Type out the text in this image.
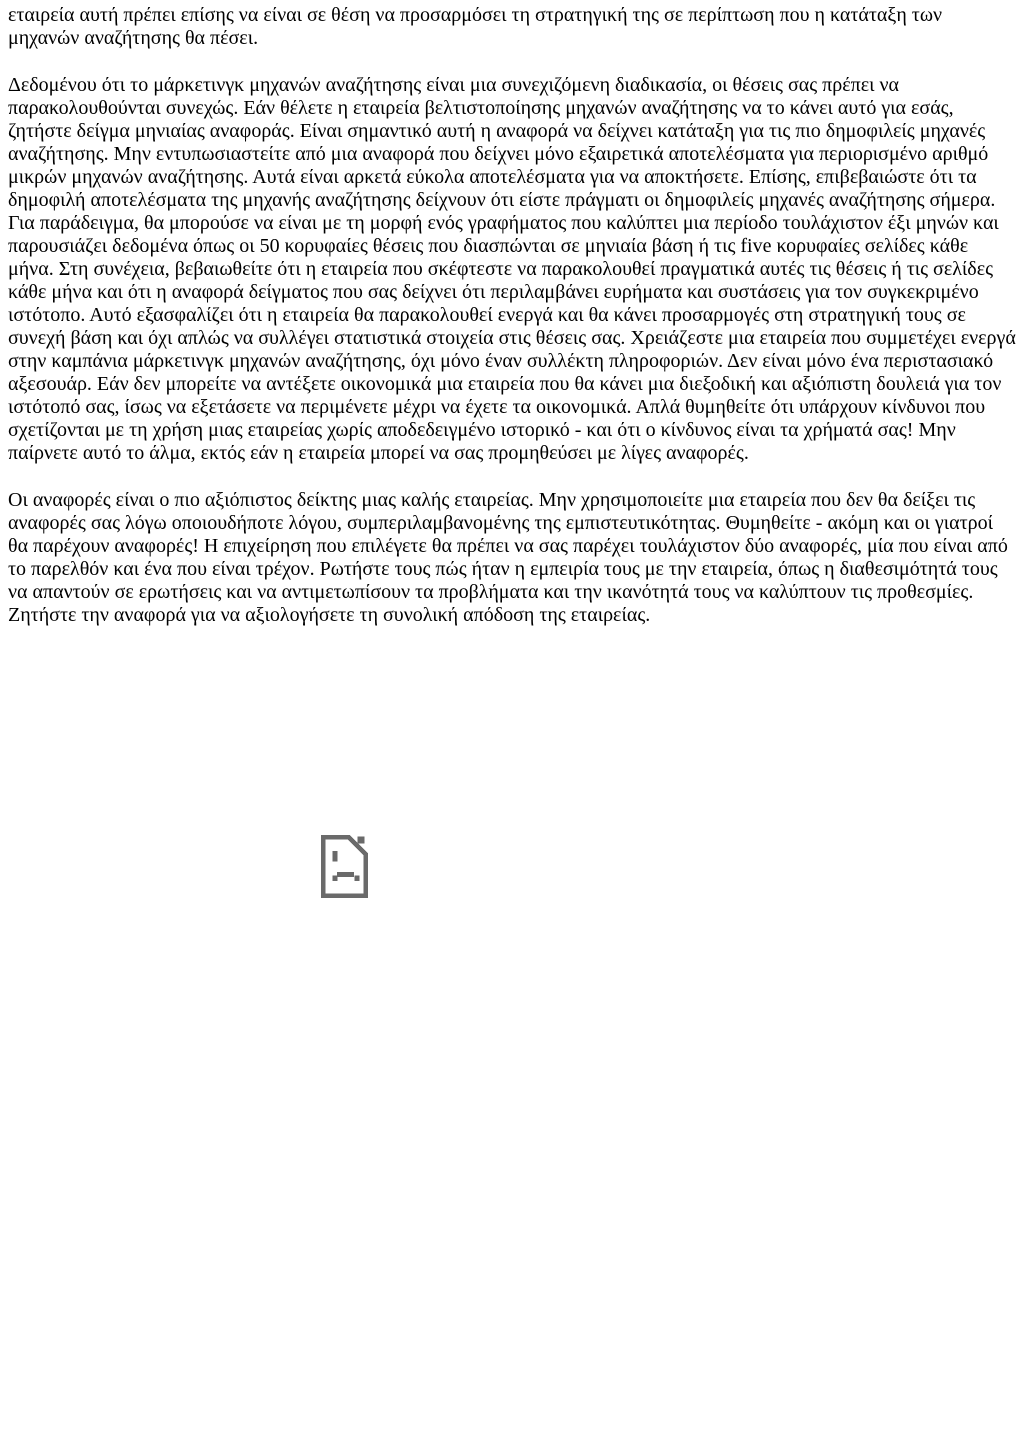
εταιρεία αυτή πρέπει επίσης να είναι σε θέση να προσαρμόσει τη στρατηγική της σε περίπτωση που η κατάταξη των μηχανών αναζήτησης θα πέσει.

Δεδομένου ότι το μάρκετινγκ μηχανών αναζήτησης είναι μια συνεχιζόμενη διαδικασία, οι θέσεις σας πρέπει να παρακολουθούνται συνεχώς. Εάν θέλετε η εταιρεία βελτιστοποίησης μηχανών αναζήτησης να το κάνει αυτό για εσάς, ζητήστε δείγμα μηνιαίας αναφοράς. Είναι σημαντικό αυτή η αναφορά να δείχνει κατάταξη για τις πιο δημοφιλείς μηχανές αναζήτησης. Μην εντυπωσιαστείτε από μια αναφορά που δείχνει μόνο εξαιρετικά αποτελέσματα για περιορισμένο αριθμό μικρών μηχανών αναζήτησης. Αυτά είναι αρκετά εύκολα αποτελέσματα για να αποκτήσετε. Επίσης, επιβεβαιώστε ότι τα δημοφιλή αποτελέσματα της μηχανής αναζήτησης δείχνουν ότι είστε πράγματι οι δημοφιλείς μηχανές αναζήτησης σήμερα. Για παράδειγμα, θα μπορούσε να είναι με τη μορφή ενός γραφήματος που καλύπτει μια περίοδο τουλάχιστον έξι μηνών και παρουσιάζει δεδομένα όπως οι 50 κορυφαίες θέσεις που διασπώνται σε μηνιαία βάση ή τις five κορυφαίες σελίδες κάθε μήνα. Στη συνέχεια, βεβαιωθείτε ότι η εταιρεία που σκέφτεστε να παρακολουθεί πραγματικά αυτές τις θέσεις ή τις σελίδες κάθε μήνα και ότι η αναφορά δείγματος που σας δείχνει ότι περιλαμβάνει ευρήματα και συστάσεις για τον συγκεκριμένο ιστότοπο. Αυτό εξασφαλίζει ότι η εταιρεία θα παρακολουθεί ενεργά και θα κάνει προσαρμογές στη στρατηγική τους σε συνεχή βάση και όχι απλώς να συλλέγει στατιστικά στοιχεία στις θέσεις σας. Χρειάζεστε μια εταιρεία που συμμετέχει ενεργά στην καμπάνια μάρκετινγκ μηχανών αναζήτησης, όχι μόνο έναν συλλέκτη πληροφοριών. Δεν είναι μόνο ένα περιστασιακό αξεσουάρ. Εάν δεν μπορείτε να αντέξετε οικονομικά μια εταιρεία που θα κάνει μια διεξοδική και αξιόπιστη δουλειά για τον ιστότοπό σας, ίσως να εξετάσετε να περιμένετε μέχρι να έχετε τα οικονομικά. Απλά θυμηθείτε ότι υπάρχουν κίνδυνοι που σχετίζονται με τη χρήση μιας εταιρείας χωρίς αποδεδειγμένο ιστορικό - και ότι ο κίνδυνος είναι τα χρήματά σας! Μην παίρνετε αυτό το άλμα, εκτός εάν η εταιρεία μπορεί να σας προμηθεύσει με λίγες αναφορές.

Οι αναφορές είναι ο πιο αξιόπιστος δείκτης μιας καλής εταιρείας. Μην χρησιμοποιείτε μια εταιρεία που δεν θα δείξει τις αναφορές σας λόγω οποιουδήποτε λόγου, συμπεριλαμβανομένης της εμπιστευτικότητας. Θυμηθείτε - ακόμη και οι γιατροί θα παρέχουν αναφορές! Η επιχείρηση που επιλέγετε θα πρέπει να σας παρέχει τουλάχιστον δύο αναφορές, μία που είναι από το παρελθόν και ένα που είναι τρέχον. Ρωτήστε τους πώς ήταν η εμπειρία τους με την εταιρεία, όπως η διαθεσιμότητά τους να απαντούν σε ερωτήσεις και να αντιμετωπίσουν τα προβλήματα και την ικανότητά τους να καλύπτουν τις προθεσμίες. Ζητήστε την αναφορά για να αξιολογήσετε τη συνολική απόδοση της εταιρείας.
